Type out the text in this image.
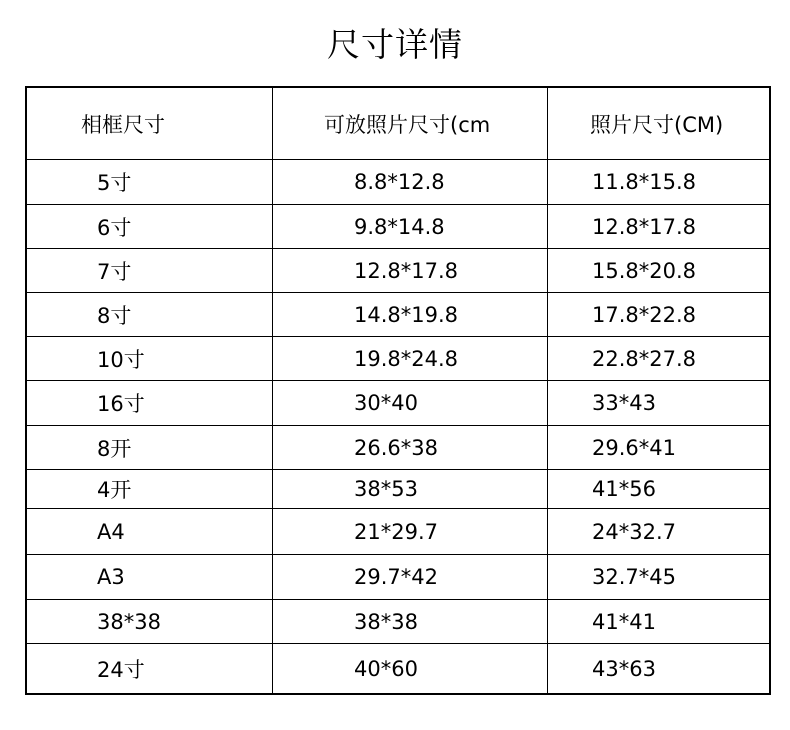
尺寸详情
相框尺寸	可放照片尺寸(cm	照片尺寸(CM)
5寸	8.8*12.8	11.8*15.8
6寸	9.8*14.8	12.8*17.8
7寸	12.8*17.8	15.8*20.8
8寸	14.8*19.8	17.8*22.8
10寸	19.8*24.8	22.8*27.8
16寸	30*40	33*43
8开	26.6*38	29.6*41
4开	38*53	41*56
A4	21*29.7	24*32.7
A3	29.7*42	32.7*45
38*38	38*38	41*41
24寸	40*60	43*63
